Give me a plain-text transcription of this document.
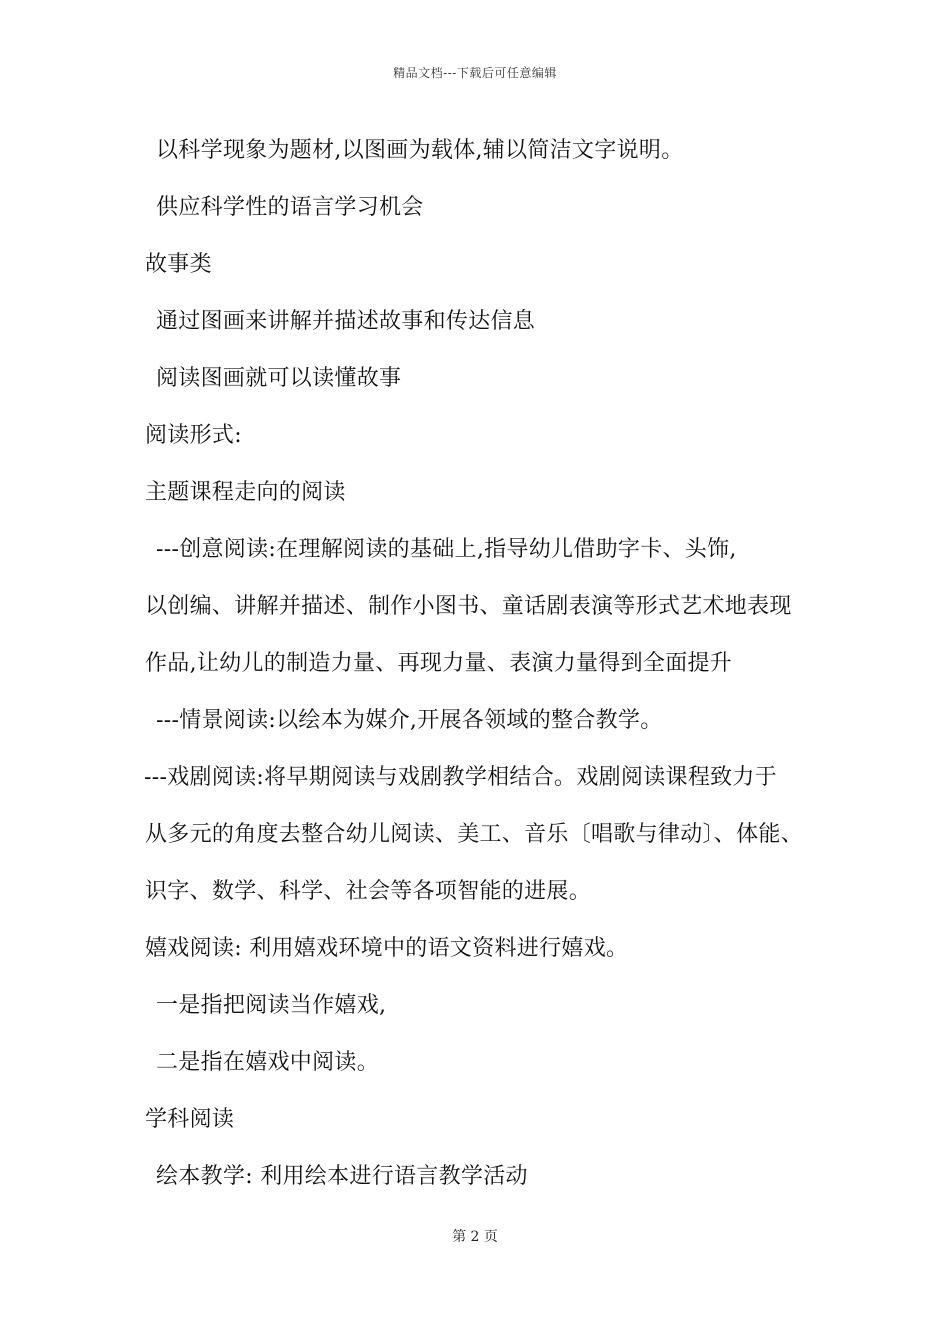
精品文档---下载后可任意编辑
以科学现象为题材,以图画为载体,辅以简洁文字说明。
供应科学性的语言学习机会
故事类
通过图画来讲解并描述故事和传达信息
阅读图画就可以读懂故事
阅读形式:
主题课程走向的阅读
---创意阅读:在理解阅读的基础上,指导幼儿借助字卡、头饰,
以创编、讲解并描述、制作小图书、童话剧表演等形式艺术地表现
作品,让幼儿的制造力量、再现力量、表演力量得到全面提升
---情景阅读:以绘本为媒介,开展各领域的整合教学。
---戏剧阅读:将早期阅读与戏剧教学相结合。戏剧阅读课程致力于
从多元的角度去整合幼儿阅读、美工、音乐〔唱歌与律动〕、体能、
识字、数学、科学、社会等各项智能的进展。
嬉戏阅读: 利用嬉戏环境中的语文资料进行嬉戏。
一是指把阅读当作嬉戏,
二是指在嬉戏中阅读。
学科阅读
绘本教学: 利用绘本进行语言教学活动
第 2 页
